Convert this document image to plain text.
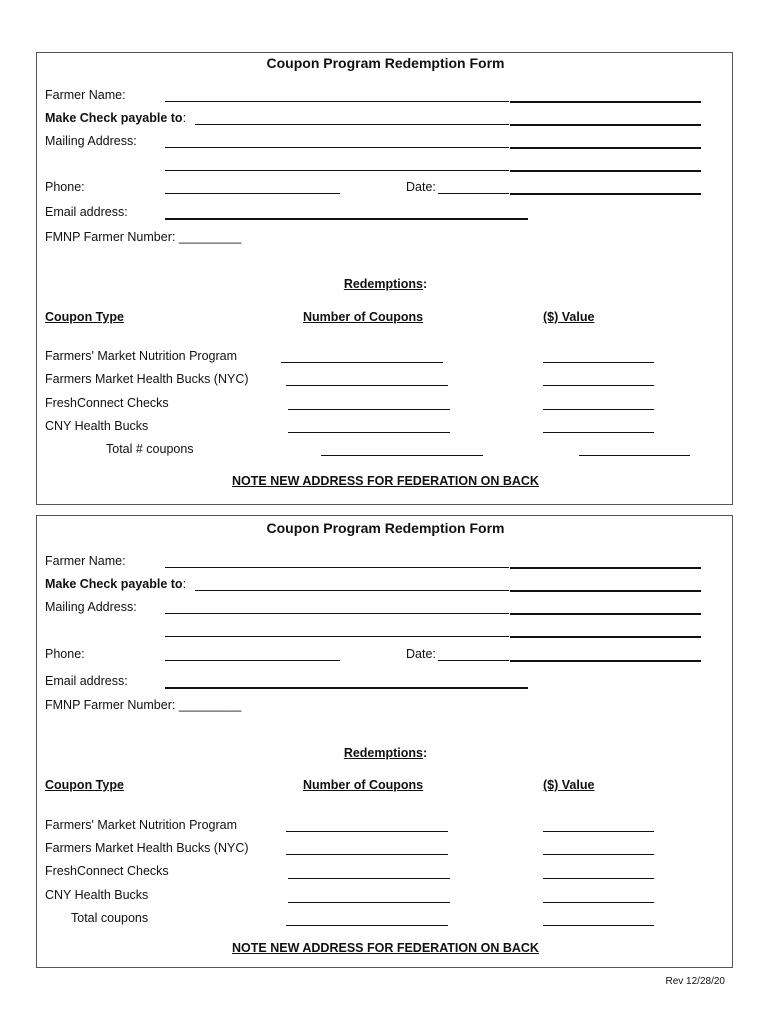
Coupon Program Redemption Form
Farmer Name:
Make Check payable to:
Mailing Address:
Phone:	Date:
Email address:
FMNP Farmer Number: _________
Redemptions:
Coupon Type	Number of Coupons	($) Value
Farmers' Market Nutrition Program
Farmers Market Health Bucks (NYC)
FreshConnect Checks
CNY Health Bucks
Total # coupons
NOTE NEW ADDRESS FOR FEDERATION ON BACK
Coupon Program Redemption Form
Farmer Name:
Make Check payable to:
Mailing Address:
Phone:	Date:
Email address:
FMNP Farmer Number: _________
Redemptions:
Coupon Type	Number of Coupons	($) Value
Farmers' Market Nutrition Program
Farmers Market Health Bucks (NYC)
FreshConnect Checks
CNY Health Bucks
Total coupons
NOTE NEW ADDRESS FOR FEDERATION ON BACK
Rev 12/28/20
